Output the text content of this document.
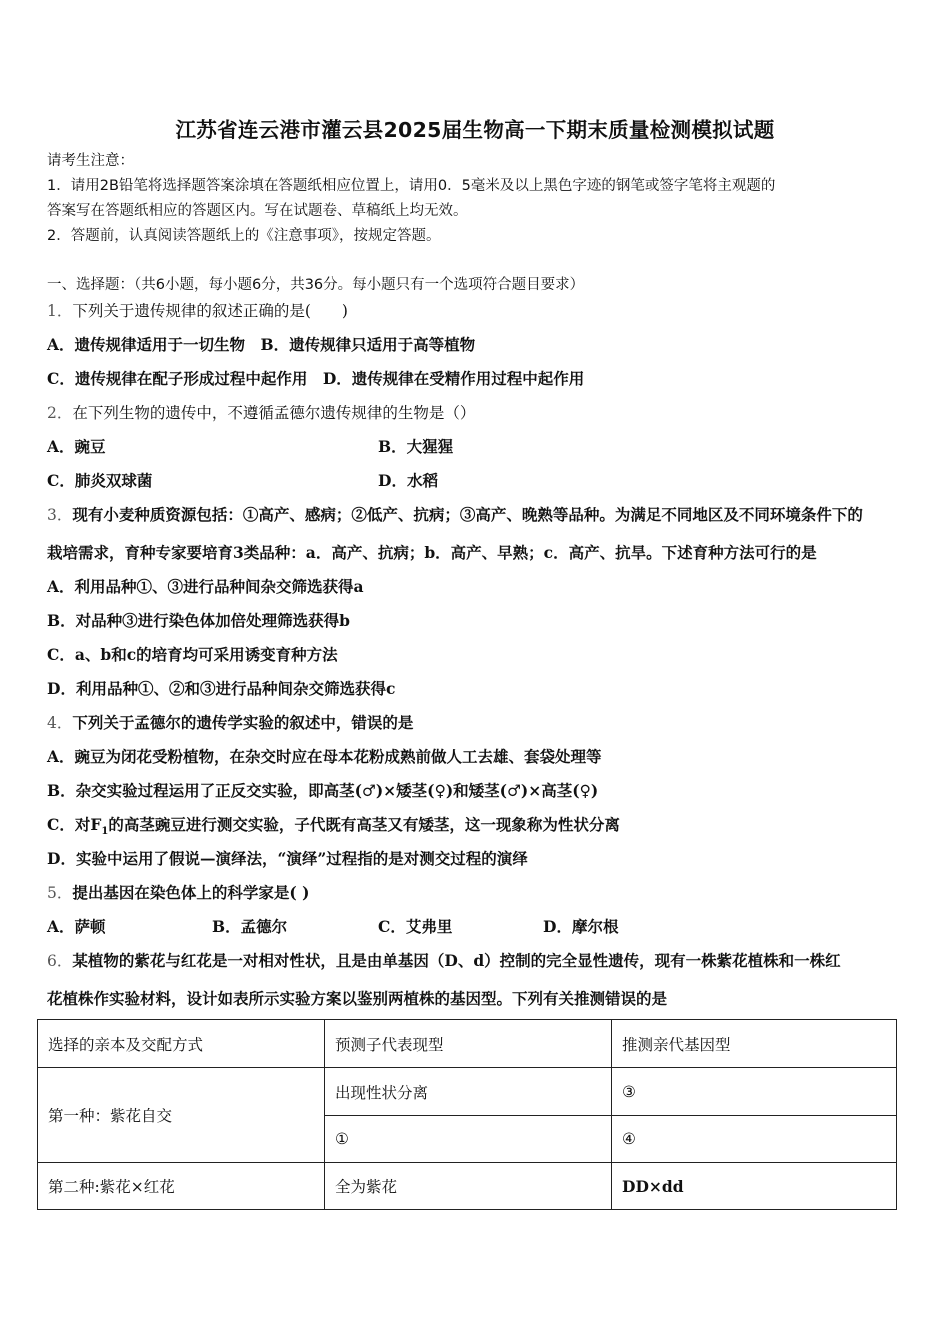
江苏省连云港市灌云县2025届生物高一下期末质量检测模拟试题
请考生注意：
1．请用2B铅笔将选择题答案涂填在答题纸相应位置上，请用0．5毫米及以上黑色字迹的钢笔或签字笔将主观题的
答案写在答题纸相应的答题区内。写在试题卷、草稿纸上均无效。
2．答题前，认真阅读答题纸上的《注意事项》，按规定答题。
一、选择题：（共6小题，每小题6分，共36分。每小题只有一个选项符合题目要求）
1．下列关于遗传规律的叙述正确的是(　　)
A．遗传规律适用于一切生物　B．遗传规律只适用于高等植物
C．遗传规律在配子形成过程中起作用　D．遗传规律在受精作用过程中起作用
2．在下列生物的遗传中，不遵循孟德尔遗传规律的生物是（）
A．豌豆	B．大猩猩
C．肺炎双球菌	D．水稻
3．现有小麦种质资源包括：①高产、感病；②低产、抗病；③高产、晚熟等品种。为满足不同地区及不同环境条件下的
栽培需求，育种专家要培育3类品种：a．高产、抗病；b．高产、早熟；c．高产、抗旱。下述育种方法可行的是
A．利用品种①、③进行品种间杂交筛选获得a
B．对品种③进行染色体加倍处理筛选获得b
C．a、b和c的培育均可采用诱变育种方法
D．利用品种①、②和③进行品种间杂交筛选获得c
4．下列关于孟德尔的遗传学实验的叙述中，错误的是
A．豌豆为闭花受粉植物，在杂交时应在母本花粉成熟前做人工去雄、套袋处理等
B．杂交实验过程运用了正反交实验，即高茎(♂)×矮茎(♀)和矮茎(♂)×高茎(♀)
C．对$F_1$的高茎豌豆进行测交实验，子代既有高茎又有矮茎，这一现象称为性状分离
D．实验中运用了假说—演绎法，“演绎”过程指的是对测交过程的演绎
5．提出基因在染色体上的科学家是( )
A．萨顿	B．孟德尔	C．艾弗里	D．摩尔根
6．某植物的紫花与红花是一对相对性状，且是由单基因（D、d）控制的完全显性遗传，现有一株紫花植株和一株红
花植株作实验材料，设计如表所示实验方案以鉴别两植株的基因型。下列有关推测错误的是
选择的亲本及交配方式	预测子代表现型	推测亲代基因型
第一种：紫花自交	出现性状分离	③
	①	④
第二种:紫花×红花	全为紫花	DD×dd
